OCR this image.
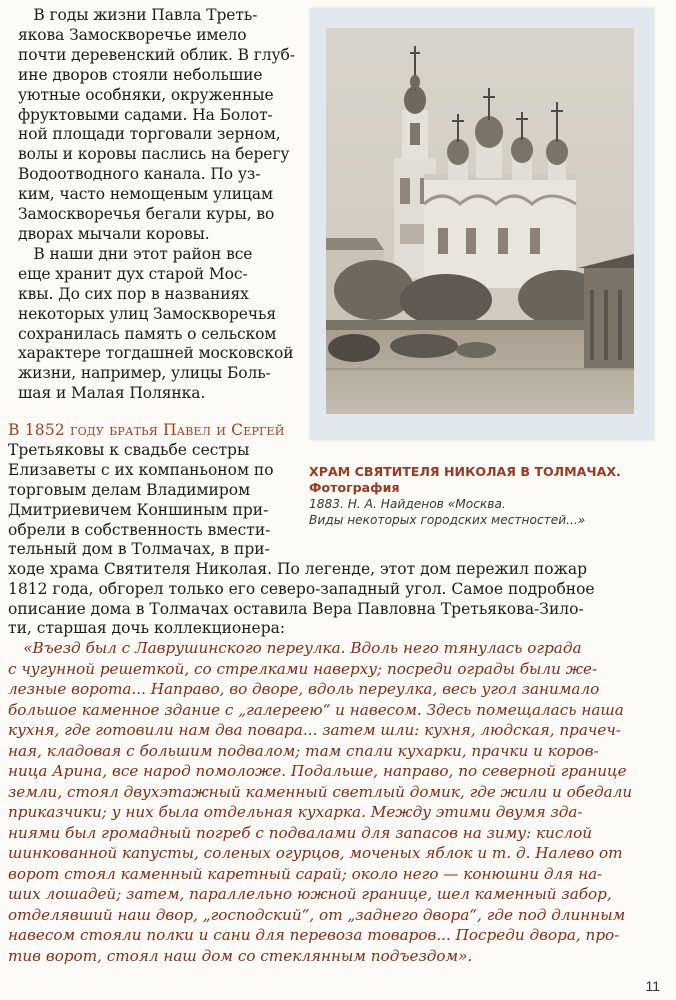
 В годы жизни Павла Треть-
якова Замоскворечье имело
почти деревенский облик. В глуб-
ине дворов стояли небольшие
уютные особняки, окруженные
фруктовыми садами. На Болот-
ной площади торговали зерном,
волы и коровы паслись на берегу
Водоотводного канала. По уз-
ким, часто немощеным улицам
Замоскворечья бегали куры, во
дворах мычали коровы.
 В наши дни этот район все
еще хранит дух старой Мос-
квы. До сих пор в названиях
некоторых улиц Замоскворечья
сохранилась память о сельском
характере тогдашней московской
жизни, например, улицы Боль-
шая и Малая Полянка.
В 1852 году братья Павел и Сергей
Третьяковы к свадьбе сестры
Елизаветы с их компаньоном по
торговым делам Владимиром
Дмитриевичем Коншиным при-
обрели в собственность вмести-
тельный дом в Толмачах, в при-
ходе храма Святителя Николая. По легенде, этот дом пережил пожар
1812 года, обгорел только его северо-западный угол. Самое подробное
описание дома в Толмачах оставила Вера Павловна Третьякова-Зило-
ти, старшая дочь коллекционера:
 «Въезд был с Лаврушинского переулка. Вдоль него тянулась ограда
с чугунной решеткой, со стрелками наверху; посреди ограды были же-
лезные ворота... Направо, во дворе, вдоль переулка, весь угол занимало
большое каменное здание с „галереею“ и навесом. Здесь помещалась наша
кухня, где готовили нам два повара... затем шли: кухня, людская, прачеч-
ная, кладовая с большим подвалом; там спали кухарки, прачки и коров-
ница Арина, все народ помоложе. Подальше, направо, по северной границе
земли, стоял двухэтажный каменный светлый домик, где жили и обедали
приказчики; у них была отдельная кухарка. Между этими двумя зда-
ниями был громадный погреб с подвалами для запасов на зиму: кислой
шинкованной капусты, соленых огурцов, моченых яблок и т. д. Налево от
ворот стоял каменный каретный сарай; около него — конюшни для на-
ших лошадей; затем, параллельно южной границе, шел каменный забор,
отделявший наш двор, „господский“, от „заднего двора“, где под длинным
навесом стояли полки и сани для перевоза товаров... Посреди двора, про-
тив ворот, стоял наш дом со стеклянным подъездом».
ХРАМ СВЯТИТЕЛЯ НИКОЛАЯ В ТОЛМАЧАХ.
Фотография
1883. Н. А. Найденов «Москва.
Виды некоторых городских местностей...»
11
